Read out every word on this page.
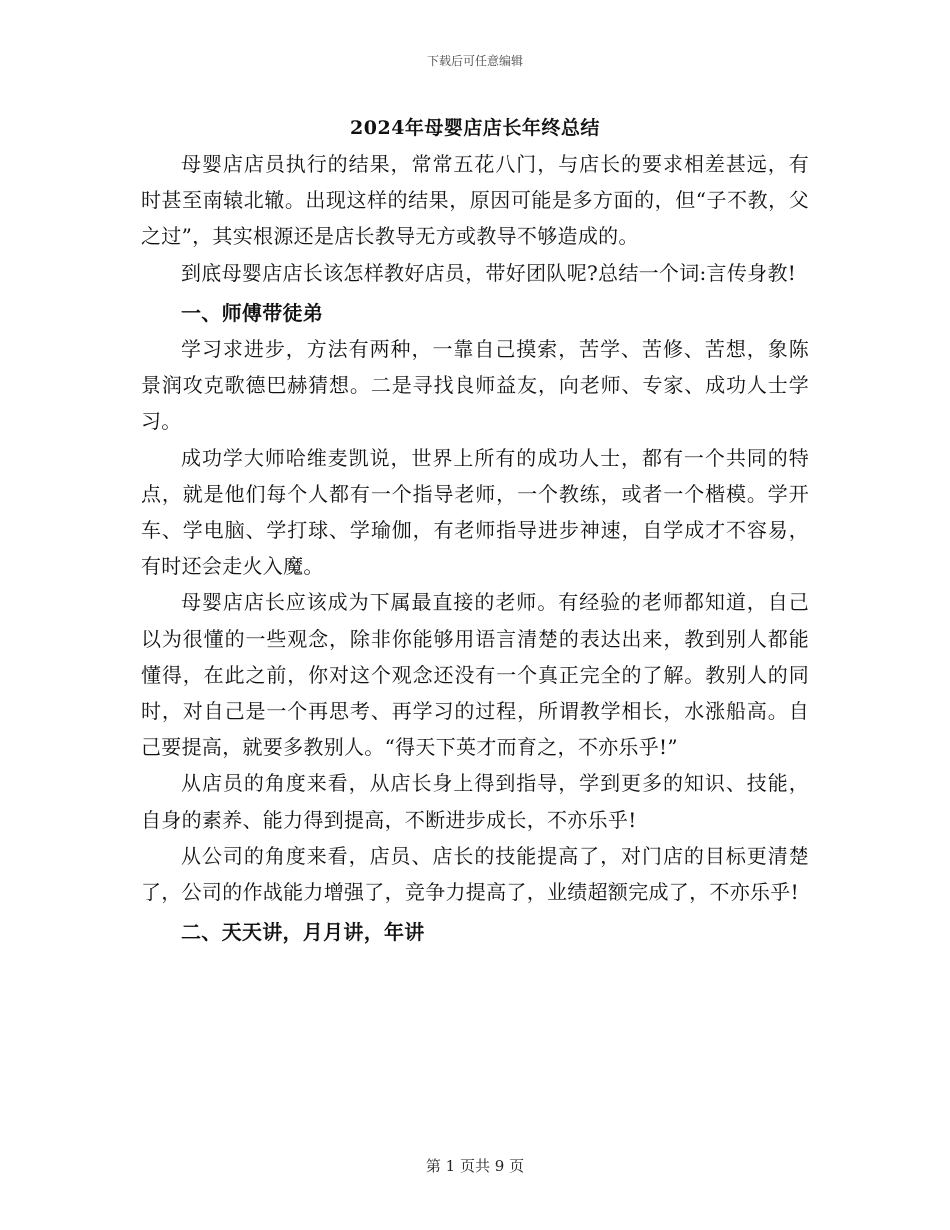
下载后可任意编辑
2024年母婴店店长年终总结

母婴店店员执行的结果，常常五花八门，与店长的要求相差甚远，有时甚至南辕北辙。出现这样的结果，原因可能是多方面的，但“子不教，父之过”，其实根源还是店长教导无方或教导不够造成的。

到底母婴店店长该怎样教好店员，带好团队呢?总结一个词:言传身教!

一、师傅带徒弟

学习求进步，方法有两种，一靠自己摸索，苦学、苦修、苦想，象陈景润攻克歌德巴赫猜想。二是寻找良师益友，向老师、专家、成功人士学习。

成功学大师哈维麦凯说，世界上所有的成功人士，都有一个共同的特点，就是他们每个人都有一个指导老师，一个教练，或者一个楷模。学开车、学电脑、学打球、学瑜伽，有老师指导进步神速，自学成才不容易，有时还会走火入魔。

母婴店店长应该成为下属最直接的老师。有经验的老师都知道，自己以为很懂的一些观念，除非你能够用语言清楚的表达出来，教到别人都能懂得，在此之前，你对这个观念还没有一个真正完全的了解。教别人的同时，对自己是一个再思考、再学习的过程，所谓教学相长，水涨船高。自己要提高，就要多教别人。“得天下英才而育之，不亦乐乎!”

从店员的角度来看，从店长身上得到指导，学到更多的知识、技能，自身的素养、能力得到提高，不断进步成长，不亦乐乎!

从公司的角度来看，店员、店长的技能提高了，对门店的目标更清楚了，公司的作战能力增强了，竞争力提高了，业绩超额完成了，不亦乐乎!

二、天天讲，月月讲，年讲
第 1 页共 9 页
